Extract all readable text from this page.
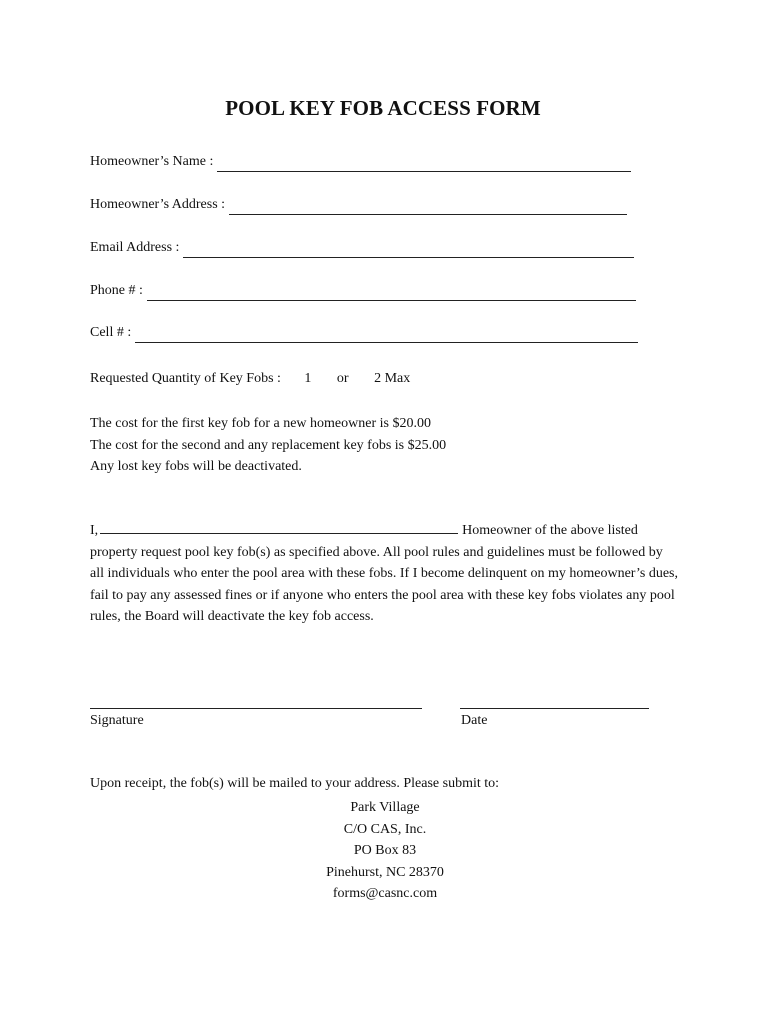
POOL KEY FOB ACCESS FORM
Homeowner’s Name :
Homeowner’s Address :
Email Address :
Phone # :
Cell # :
Requested Quantity of Key Fobs : 1 or 2 Max
The cost for the first key fob for a new homeowner is $20.00
The cost for the second and any replacement key fobs is $25.00
Any lost key fobs will be deactivated.
I,	Homeowner of the above listed property request pool key fob(s) as specified above. All pool rules and guidelines must be followed by all individuals who enter the pool area with these fobs. If I become delinquent on my homeowner’s dues, fail to pay any assessed fines or if anyone who enters the pool area with these key fobs violates any pool rules, the Board will deactivate the key fob access.
Signature	Date
Upon receipt, the fob(s) will be mailed to your address. Please submit to:
Park Village
C/O CAS, Inc.
PO Box 83
Pinehurst, NC 28370
forms@casnc.com
